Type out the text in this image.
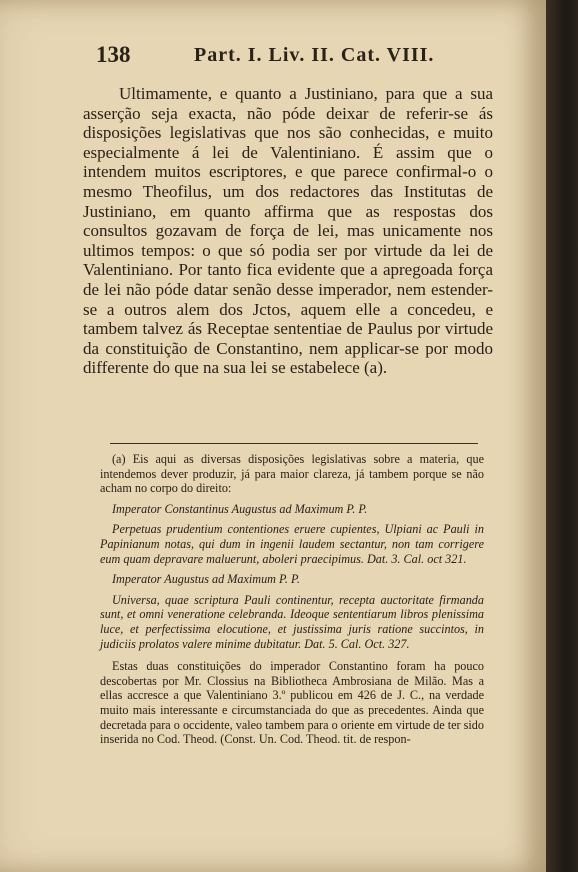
138	Part. I. Liv. II. Cat. VIII.

Ultimamente, e quanto a Justiniano, para que a sua asserção seja exacta, não póde deixar de referir-se ás disposições legislativas que nos são conhecidas, e muito especialmente á lei de Valentiniano. É assim que o intendem muitos escriptores, e que parece confirmal-o o mesmo Theofilus, um dos redactores das Institutas de Justiniano, em quanto affirma que as respostas dos consultos gozavam de força de lei, mas unicamente nos ultimos tempos: o que só podia ser por virtude da lei de Valentiniano. Por tanto fica evidente que a apregoada força de lei não póde datar senão desse imperador, nem estender-se a outros alem dos Jctos, aquem elle a concedeu, e tambem talvez ás Receptae sententiae de Paulus por virtude da constituição de Constantino, nem applicar-se por modo differente do que na sua lei se estabelece (a).

(a) Eis aqui as diversas disposições legislativas sobre a materia, que intendemos dever produzir, já para maior clareza, já tambem porque se não acham no corpo do direito:

Imperator Constantinus Augustus ad Maximum P. P.

Perpetuas prudentium contentiones eruere cupientes, Ulpiani ac Pauli in Papinianum notas, qui dum in ingenii laudem sectantur, non tam corrigere eum quam depravare maluerunt, aboleri praecipimus. Dat. 3. Cal. oct 321.

Imperator Augustus ad Maximum P. P.

Universa, quae scriptura Pauli continentur, recepta auctoritate firmanda sunt, et omni veneratione celebranda. Ideoque sententiarum libros plenissima luce, et perfectissima elocutione, et justissima juris ratione succintos, in judiciis prolatos valere minime dubitatur. Dat. 5. Cal. Oct. 327.

Estas duas constituições do imperador Constantino foram ha pouco descobertas por Mr. Clossius na Bibliotheca Ambrosiana de Milão. Mas a ellas accresce a que Valentiniano 3.º publicou em 426 de J. C., na verdade muito mais interessante e circumstanciada do que as precedentes. Ainda que decretada para o occidente, valeo tambem para o oriente em virtude de ter sido inserida no Cod. Theod. (Const. Un. Cod. Theod. tit. de respon-
